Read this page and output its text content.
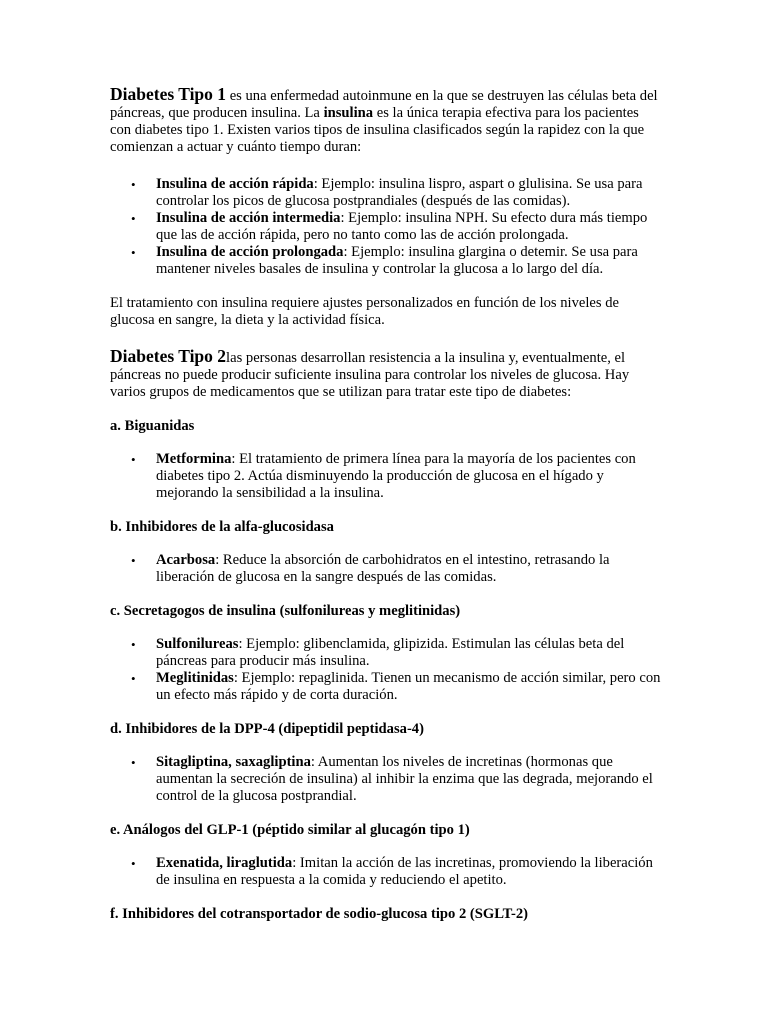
Diabetes Tipo 1 es una enfermedad autoinmune en la que se destruyen las células beta del páncreas, que producen insulina. La insulina es la única terapia efectiva para los pacientes con diabetes tipo 1. Existen varios tipos de insulina clasificados según la rapidez con la que comienzan a actuar y cuánto tiempo duran:

• Insulina de acción rápida: Ejemplo: insulina lispro, aspart o glulisina. Se usa para controlar los picos de glucosa postprandiales (después de las comidas).
• Insulina de acción intermedia: Ejemplo: insulina NPH. Su efecto dura más tiempo que las de acción rápida, pero no tanto como las de acción prolongada.
• Insulina de acción prolongada: Ejemplo: insulina glargina o detemir. Se usa para mantener niveles basales de insulina y controlar la glucosa a lo largo del día.

El tratamiento con insulina requiere ajustes personalizados en función de los niveles de glucosa en sangre, la dieta y la actividad física.

Diabetes Tipo 2las personas desarrollan resistencia a la insulina y, eventualmente, el páncreas no puede producir suficiente insulina para controlar los niveles de glucosa. Hay varios grupos de medicamentos que se utilizan para tratar este tipo de diabetes:

a. Biguanidas

• Metformina: El tratamiento de primera línea para la mayoría de los pacientes con diabetes tipo 2. Actúa disminuyendo la producción de glucosa en el hígado y mejorando la sensibilidad a la insulina.

b. Inhibidores de la alfa-glucosidasa

• Acarbosa: Reduce la absorción de carbohidratos en el intestino, retrasando la liberación de glucosa en la sangre después de las comidas.

c. Secretagogos de insulina (sulfonilureas y meglitinidas)

• Sulfonilureas: Ejemplo: glibenclamida, glipizida. Estimulan las células beta del páncreas para producir más insulina.
• Meglitinidas: Ejemplo: repaglinida. Tienen un mecanismo de acción similar, pero con un efecto más rápido y de corta duración.

d. Inhibidores de la DPP-4 (dipeptidil peptidasa-4)

• Sitagliptina, saxagliptina: Aumentan los niveles de incretinas (hormonas que aumentan la secreción de insulina) al inhibir la enzima que las degrada, mejorando el control de la glucosa postprandial.

e. Análogos del GLP-1 (péptido similar al glucagón tipo 1)

• Exenatida, liraglutida: Imitan la acción de las incretinas, promoviendo la liberación de insulina en respuesta a la comida y reduciendo el apetito.

f. Inhibidores del cotransportador de sodio-glucosa tipo 2 (SGLT-2)
